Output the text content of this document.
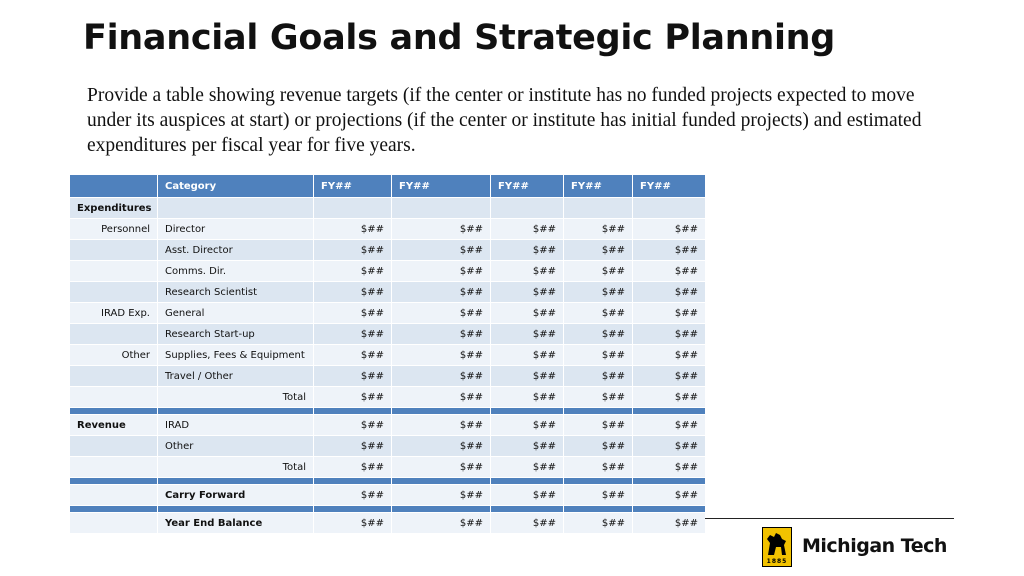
Financial Goals and Strategic Planning
Provide a table showing revenue targets (if the center or institute has no funded projects expected to move under its auspices at start) or projections (if the center or institute has initial funded projects) and estimated expenditures per fiscal year for five years.
	Category	FY##	FY##	FY##	FY##	FY##
Expenditures						
Personnel	Director	$##	$##	$##	$##	$##
	Asst. Director	$##	$##	$##	$##	$##
	Comms. Dir.	$##	$##	$##	$##	$##
	Research Scientist	$##	$##	$##	$##	$##
IRAD Exp.	General	$##	$##	$##	$##	$##
	Research Start-up	$##	$##	$##	$##	$##
Other	Supplies, Fees & Equipment	$##	$##	$##	$##	$##
	Travel / Other	$##	$##	$##	$##	$##
	Total	$##	$##	$##	$##	$##

Revenue	IRAD	$##	$##	$##	$##	$##
	Other	$##	$##	$##	$##	$##
	Total	$##	$##	$##	$##	$##

	Carry Forward	$##	$##	$##	$##	$##

	Year End Balance	$##	$##	$##	$##	$##
1885
Michigan Tech
